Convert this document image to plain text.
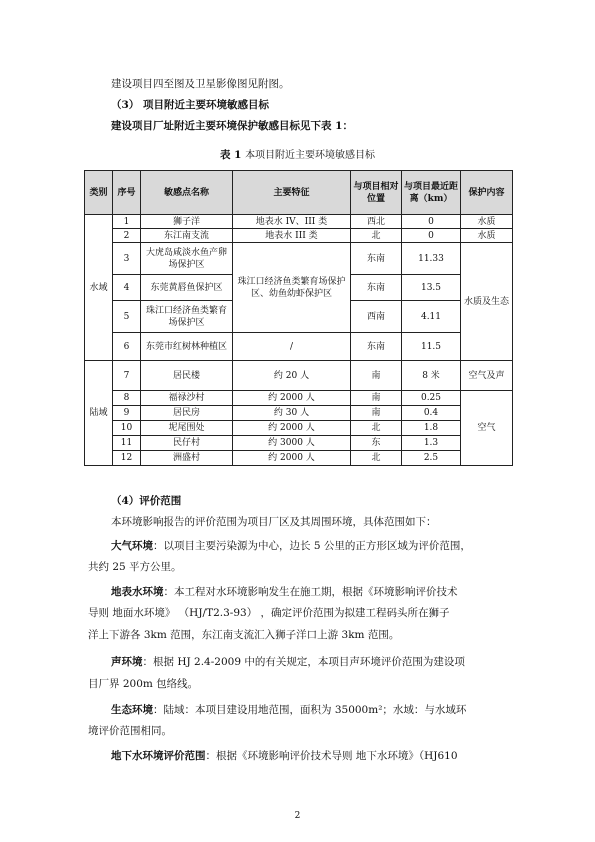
建设项目四至图及卫星影像图见附图。
（3） 项目附近主要环境敏感目标
建设项目厂址附近主要环境保护敏感目标见下表 1：
表 1 本项目附近主要环境敏感目标
类别	序号	敏感点名称	主要特征	与项目相对位置	与项目最近距离（km）	保护内容
水域	1	狮子洋	地表水 IV、III 类	西北	0	水质
	2	东江南支流	地表水 III 类	北	0	水质
	3	大虎岛咸淡水鱼产卵场保护区	珠江口经济鱼类繁育场保护区、幼鱼幼虾保护区	东南	11.33	水质及生态
	4	东莞黄唇鱼保护区		东南	13.5	
	5	珠江口经济鱼类繁育场保护区		西南	4.11	
	6	东莞市红树林种植区	/	东南	11.5	
陆域	7	居民楼	约 20 人	南	8 米	空气及声
	8	福禄沙村	约 2000 人	南	0.25	空气
	9	居民房	约 30 人	南	0.4	
	10	坭尾围处	约 2000 人	北	1.8	
	11	民仔村	约 3000 人	东	1.3	
	12	洲盛村	约 2000 人	北	2.5	
（4）评价范围
本环境影响报告的评价范围为项目厂区及其周围环境，具体范围如下：
大气环境：以项目主要污染源为中心，边长 5 公里的正方形区域为评价范围，
共约 25 平方公里。
地表水环境：本工程对水环境影响发生在施工期，根据《环境影响评价技术
导则 地面水环境》 （HJ/T2.3-93） ，确定评价范围为拟建工程码头所在狮子
洋上下游各 3km 范围，东江南支流汇入狮子洋口上游 3km 范围。
声环境：根据 HJ 2.4-2009 中的有关规定，本项目声环境评价范围为建设项
目厂界 200m 包络线。
生态环境：陆域：本项目建设用地范围，面积为 35000m²；水域：与水域环
境评价范围相同。
地下水环境评价范围：根据《环境影响评价技术导则 地下水环境》（HJ610
2
